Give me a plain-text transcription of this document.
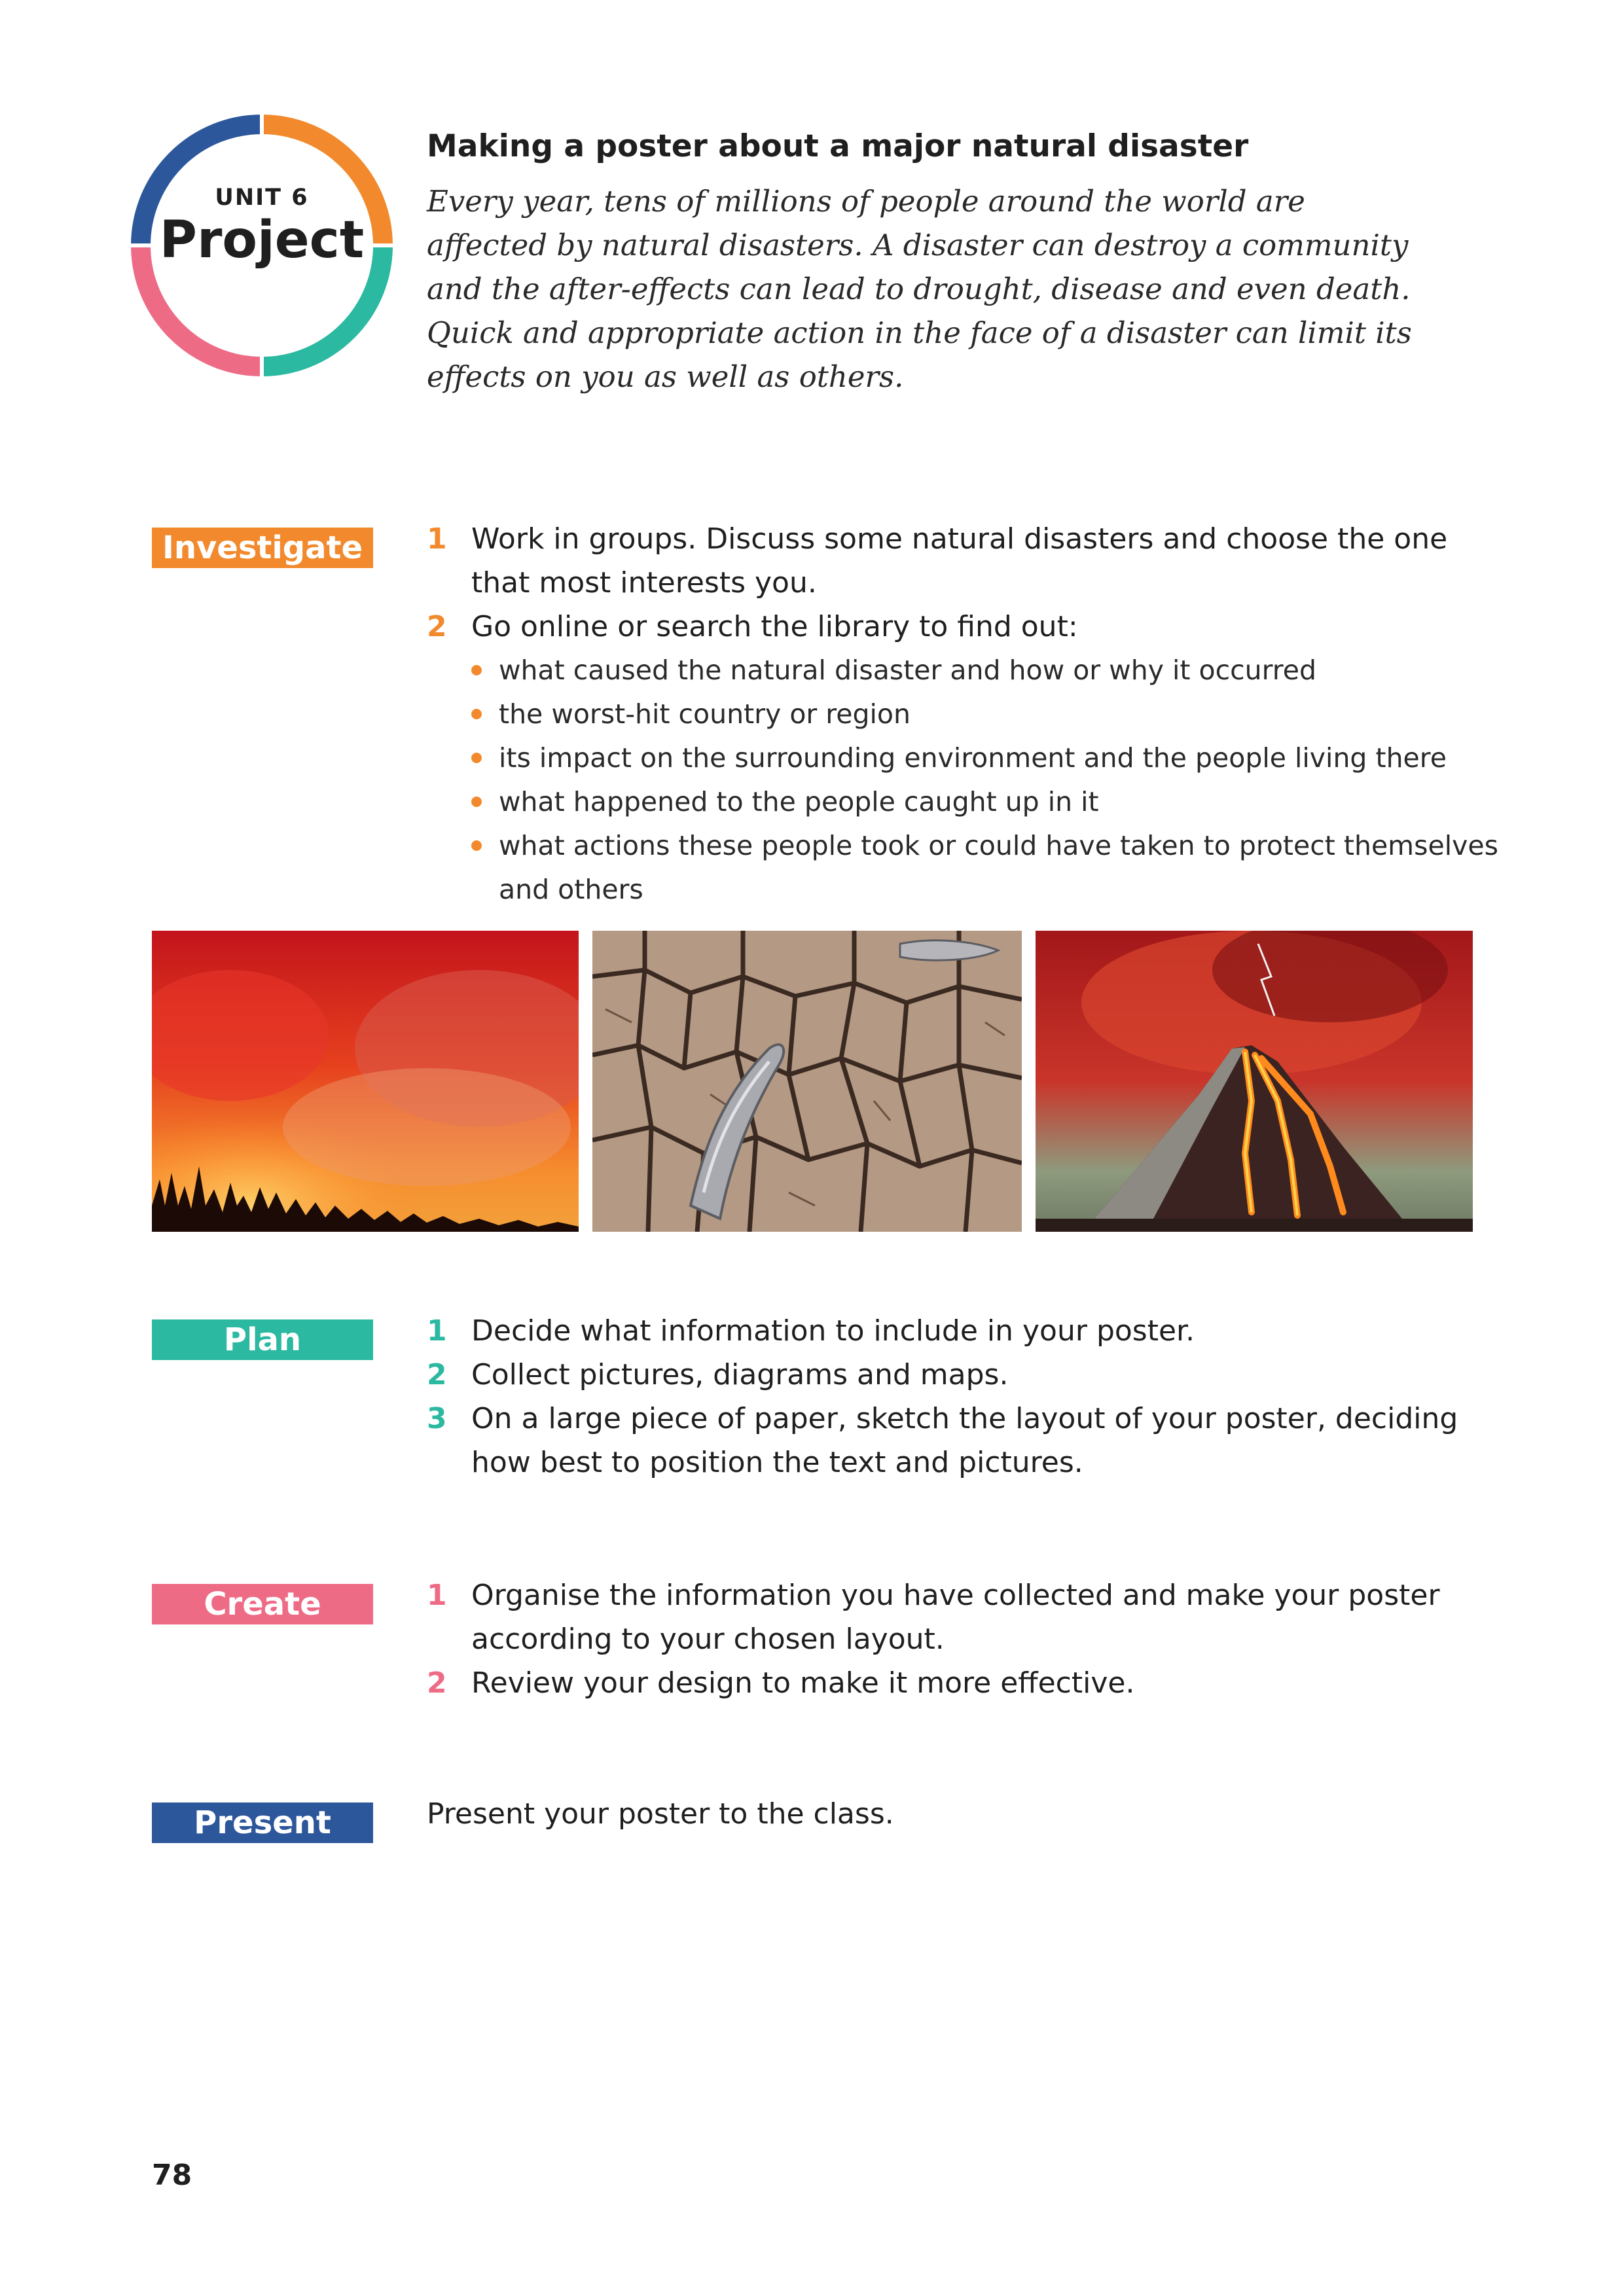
UNIT 6
Project
Making a poster about a major natural disaster
Every year, tens of millions of people around the world are affected by natural disasters. A disaster can destroy a community and the after-effects can lead to drought, disease and even death. Quick and appropriate action in the face of a disaster can limit its effects on you as well as others.
Investigate	1 Work in groups. Discuss some natural disasters and choose the one that most interests you.
2 Go online or search the library to find out:
what caused the natural disaster and how or why it occurred
the worst-hit country or region
its impact on the surrounding environment and the people living there
what happened to the people caught up in it
what actions these people took or could have taken to protect themselves and others
Plan	1 Decide what information to include in your poster.
2 Collect pictures, diagrams and maps.
3 On a large piece of paper, sketch the layout of your poster, deciding how best to position the text and pictures.
Create	1 Organise the information you have collected and make your poster according to your chosen layout.
2 Review your design to make it more effective.
Present	Present your poster to the class.
78
